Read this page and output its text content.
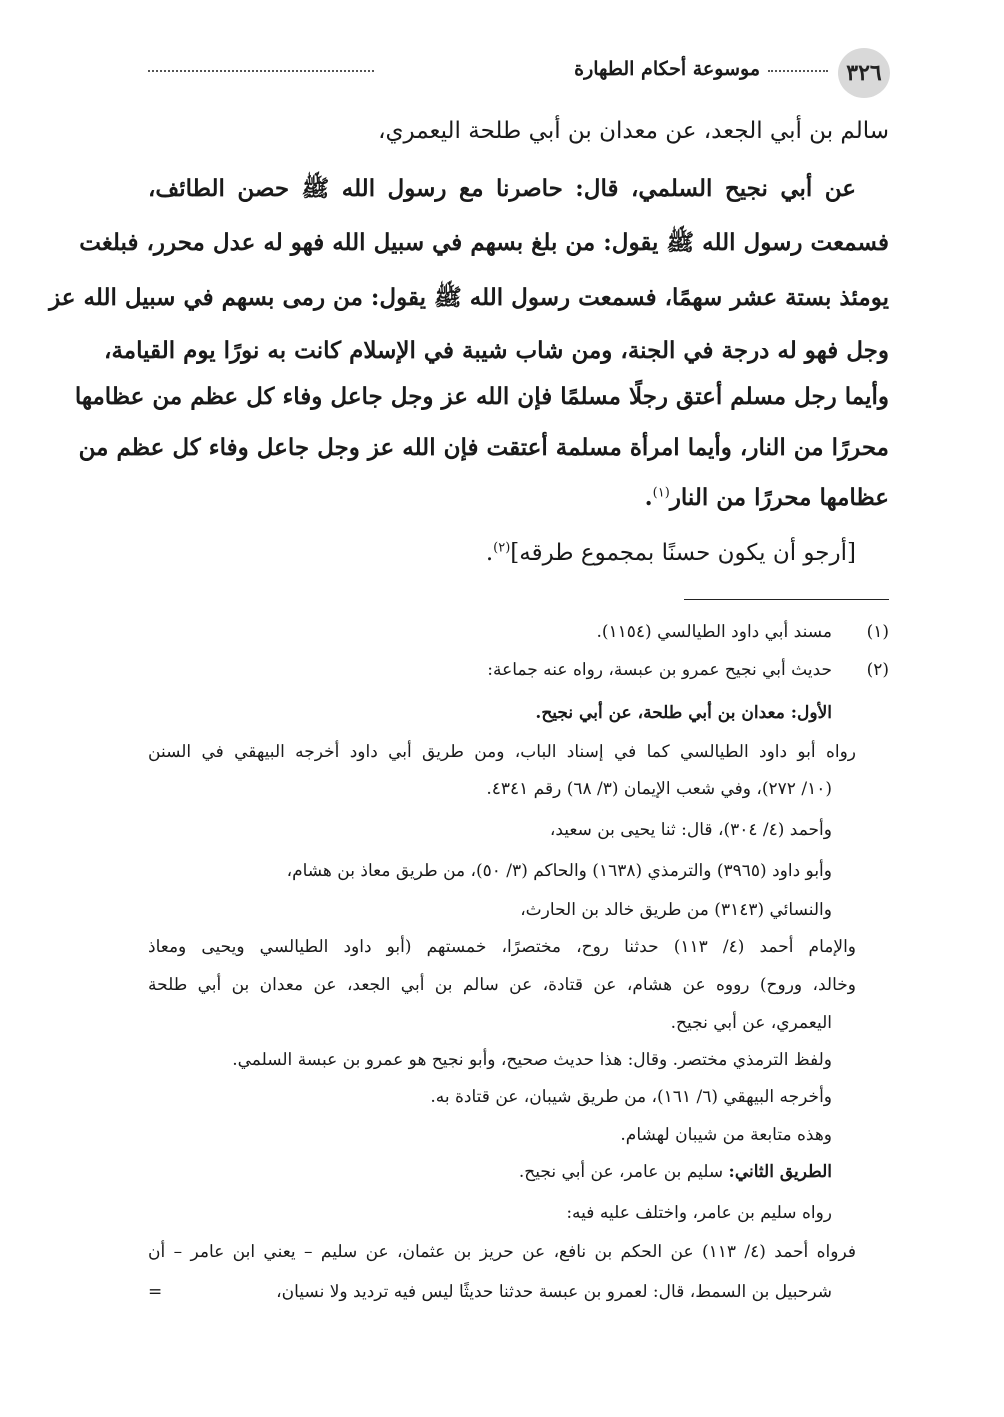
٣٢٦
موسوعة أحكام الطهارة
سالم بن أبي الجعد، عن معدان بن أبي طلحة اليعمري،
عن أبي نجيح السلمي، قال: حاصرنا مع رسول الله ﷺ حصن الطائف،
فسمعت رسول الله ﷺ يقول: من بلغ بسهم في سبيل الله فهو له عدل محرر، فبلغت
يومئذ بستة عشر سهمًا، فسمعت رسول الله ﷺ يقول: من رمى بسهم في سبيل الله عز
وجل فهو له درجة في الجنة، ومن شاب شيبة في الإسلام كانت به نورًا يوم القيامة،
وأيما رجل مسلم أعتق رجلًا مسلمًا فإن الله عز وجل جاعل وفاء كل عظم من عظامها
محررًا من النار، وأيما امرأة مسلمة أعتقت فإن الله عز وجل جاعل وفاء كل عظم من
عظامها محررًا من النار$^{(١)}$.
[أرجو أن يكون حسنًا بمجموع طرقه]$^{(٢)}$.
(١)
مسند أبي داود الطيالسي (١١٥٤).
(٢)
حديث أبي نجيح عمرو بن عبسة، رواه عنه جماعة:
الأول: معدان بن أبي طلحة، عن أبي نجيح.
رواه أبو داود الطيالسي كما في إسناد الباب، ومن طريق أبي داود أخرجه البيهقي في السنن
(١٠/ ٢٧٢)، وفي شعب الإيمان (٣/ ٦٨) رقم ٤٣٤١.
وأحمد (٤/ ٣٠٤)، قال: ثنا يحيى بن سعيد،
وأبو داود (٣٩٦٥) والترمذي (١٦٣٨) والحاكم (٣/ ٥٠)، من طريق معاذ بن هشام،
والنسائي (٣١٤٣) من طريق خالد بن الحارث،
والإمام أحمد (٤/ ١١٣) حدثنا روح، مختصرًا، خمستهم (أبو داود الطيالسي ويحيى ومعاذ
وخالد، وروح) رووه عن هشام، عن قتادة، عن سالم بن أبي الجعد، عن معدان بن أبي طلحة
اليعمري، عن أبي نجيح.
ولفظ الترمذي مختصر. وقال: هذا حديث صحيح، وأبو نجيح هو عمرو بن عبسة السلمي.
وأخرجه البيهقي (٦/ ١٦١)، من طريق شيبان، عن قتادة به.
وهذه متابعة من شيبان لهشام.
الطريق الثاني: سليم بن عامر، عن أبي نجيح.
رواه سليم بن عامر، واختلف عليه فيه:
فرواه أحمد (٤/ ١١٣) عن الحكم بن نافع، عن حريز بن عثمان، عن سليم – يعني ابن عامر – أن
شرحبيل بن السمط، قال: لعمرو بن عبسة حدثنا حديثًا ليس فيه ترديد ولا نسيان،
=
